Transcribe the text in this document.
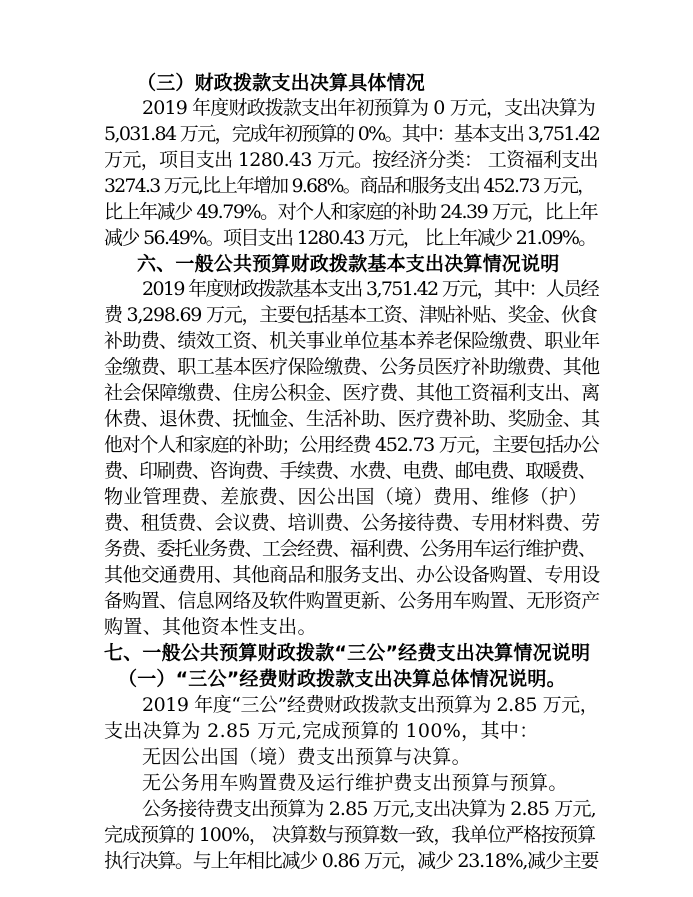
（三）财政拨款支出决算具体情况
2019 年度财政拨款支出年初预算为 0 万元，支出决算为
5,031.84 万元，完成年初预算的 0%。其中：基本支出 3,751.42
万元，项目支出 1280.43 万元。按经济分类： 工资福利支出
3274.3 万元,比上年增加 9.68%。商品和服务支出 452.73 万元，
比上年减少 49.79%。对个人和家庭的补助 24.39 万元，比上年
减少 56.49%。项目支出 1280.43 万元， 比上年减少 21.09%。
六、一般公共预算财政拨款基本支出决算情况说明
2019 年度财政拨款基本支出 3,751.42 万元，其中：人员经
费 3,298.69 万元，主要包括基本工资、津贴补贴、奖金、伙食
补助费、绩效工资、机关事业单位基本养老保险缴费、职业年
金缴费、职工基本医疗保险缴费、公务员医疗补助缴费、其他
社会保障缴费、住房公积金、医疗费、其他工资福利支出、离
休费、退休费、抚恤金、生活补助、医疗费补助、奖励金、其
他对个人和家庭的补助；公用经费 452.73 万元，主要包括办公
费、印刷费、咨询费、手续费、水费、电费、邮电费、取暖费、
物业管理费、差旅费、因公出国（境）费用、维修（护）
费、租赁费、会议费、培训费、公务接待费、专用材料费、劳
务费、委托业务费、工会经费、福利费、公务用车运行维护费、
其他交通费用、其他商品和服务支出、办公设备购置、专用设
备购置、信息网络及软件购置更新、公务用车购置、无形资产
购置、其他资本性支出。
七、一般公共预算财政拨款“三公”经费支出决算情况说明
（一）“三公”经费财政拨款支出决算总体情况说明。
2019 年度“三公”经费财政拨款支出预算为 2.85 万元，
支出决算为 2.85 万元,完成预算的 100%，其中：
无因公出国（境）费支出预算与决算。
无公务用车购置费及运行维护费支出预算与预算。
公务接待费支出预算为 2.85 万元,支出决算为 2.85 万元,
完成预算的 100%， 决算数与预算数一致，我单位严格按预算
执行决算。与上年相比减少 0.86 万元，减少 23.18%,减少主要
